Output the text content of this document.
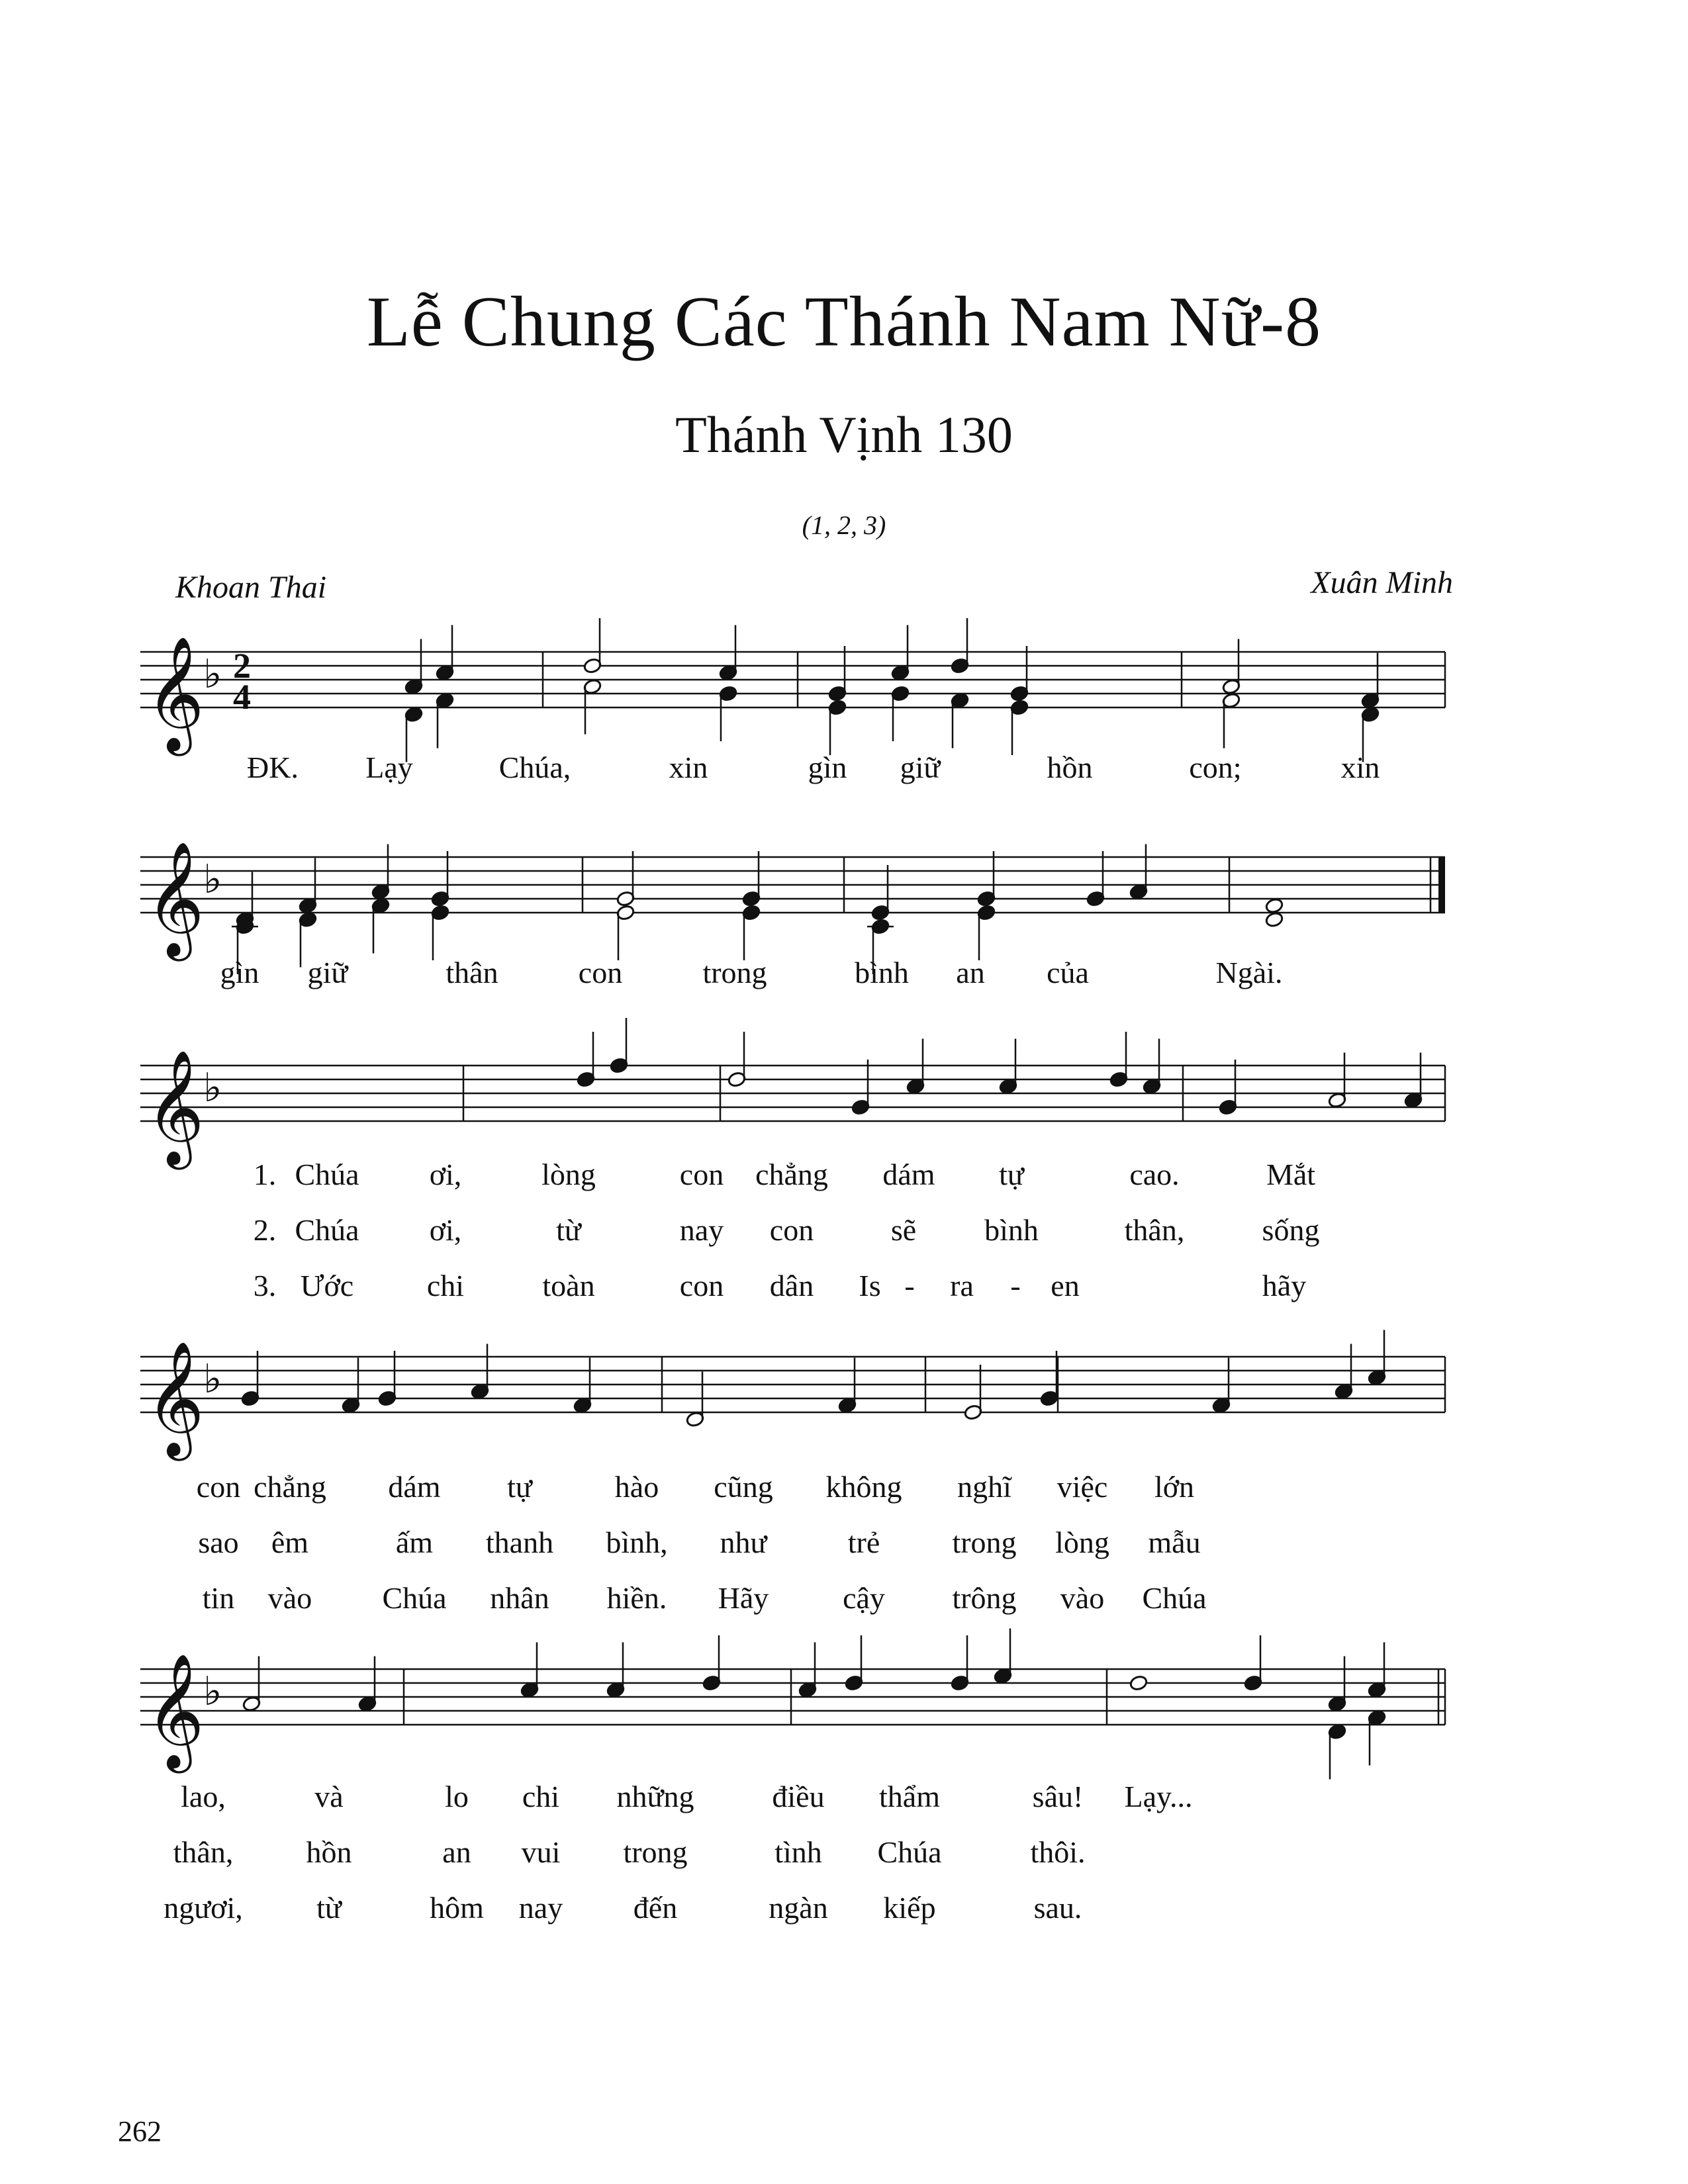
Lễ Chung Các Thánh Nam Nữ-8
Thánh Vịnh 130
(1, 2, 3)
Khoan Thai	Xuân Minh
262
𝄞
♭ 2
4
ĐK. Lạy	Chúa,	xin	gìn giữ	hồn	con;	xin
𝄞
♭
gìn giữ	thân	con	trong	bình an của	Ngài.
𝄞
♭
1. Chúa ơi,	lòng	con chẳng dám tự	cao.	Mắt
2. Chúa ơi,	từ	nay con	sẽ bình	thân,	sống
3. Ước chi	toàn	con dân Is - ra - en	hãy
𝄞
♭
con chẳng dám tự	hào cũng không nghĩ việc lớn
sao êm	ấm thanh bình, như	trẻ trong lòng mẫu
tin vào Chúa nhân hiền. Hãy cậy trông vào Chúa
𝄞
♭
lao,	và	lo chi những	điều thẩm	sâu! Lạy...
thân, hồn	an vui trong	tình Chúa	thôi.
ngươi, từ	hôm nay đến	ngàn kiếp	sau.
